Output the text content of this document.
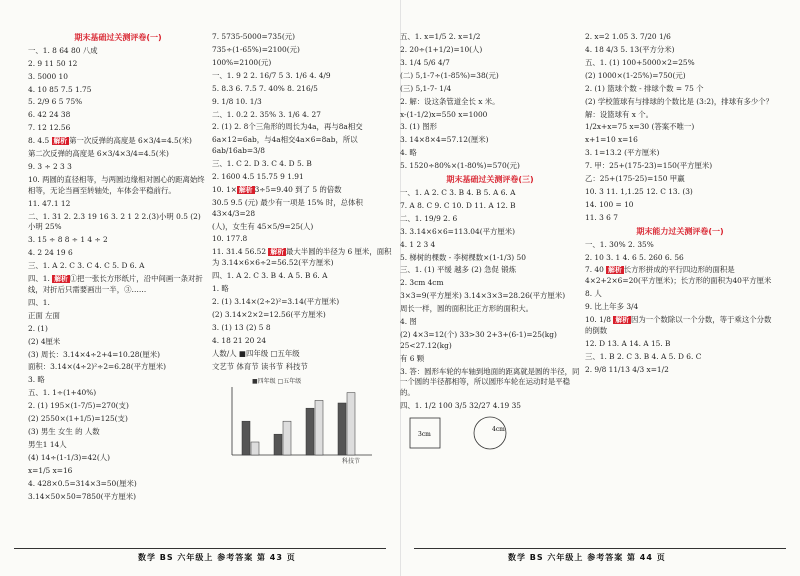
期末基础过关测评卷(一)

一、1. 8 64 80 八成

2. 9 11 50 12

3. 5000 10

4. 10 85 7.5 1.75

5. 2/9 6 5 75%

6. 42 24 38

7. 12 12.56

8. 4.5 解析 第一次反弹的高度是 6×3/4=4.5(米)

第二次反弹的高度是 6×3/4×3/4=4.5(米)

9. 3 ÷ 2 3 3

10. 两圆的直径相等，与两圆边缘相对圆心的距离始终相等，无论当画至转轴处，车体会平稳前行。

11. 47.1 12

二、1. 31 2. 2.3 19 16 3. 2 1 2 2.(3)小明 0.5 (2)小明 25%

3. 15 ÷ 8 8 ÷ 1 4 ÷ 2

4. 2 24 19 6

三、1. A 2. C 3. C 4. C 5. D 6. A

四、1. 解析 ①把一张长方形纸片，沿中间画一条对折线，对折后只需要画出一半，③……

四、1.

正面 左面

2. (1)

(2) 4厘米

(3) 周长：3.14×4÷2+4=10.28(厘米)

面积：3.14×(4÷2)²÷2=6.28(平方厘米)

3. 略

五、1. 1÷(1+40%)

2. (1) 195×(1-7/5)=270(支)

(2) 2550×(1+1/5)=125(支)

(3) 男生 女生 的 人数

男生1 14人

(4) 14÷(1-1/3)=42(人)

x=1/5 x=16

4. 428×0.5=314×3=50(厘米)

3.14×50×50=7850(平方厘米)

7. 5735-5000=735(元)

735÷(1-65%)=2100(元)

100%=2100(元)

一、1. 9 2 2. 16/7 5 3. 1/6 4. 4/9

5. 8.3 6. 7.5 7. 40% 8. 216/5

9. 1/8 10. 1/3

二、1. 0.2 2. 35% 3. 1/6 4. 27

2. (1) 2. 8个三角形的周长为4a，再与8a相交

6a×12=6ab，与4a相交4a×6=8ab，所以6ab/16ab=3/8

三、1. C 2. D 3. C 4. D 5. B

2. 1600 4.5 15.75 9 1.91

10. 1× 解析 3÷5=9.40 到了 5 的倍数

30.5 9.5 (元) 最少有一项是 15% 时，总体积 43×4/3=28

(人)，女生有 45×5/9=25(人)

10. 177.8

11. 31.4 56.52 解析 最大半圆的半径为 6 厘米，面积为 3.14×6×6÷2=56.52(平方厘米)

四、1. A 2. C 3. B 4. A 5. B 6. A

1. 略

2. (1) 3.14×(2÷2)²=3.14(平方厘米)

(2) 3.14×2×2=12.56(平方厘米)

3. (1) 13 (2) 5 8

4. 18 21 20 24

人数/人 ■四年级 □五年级

文艺节 体育节 读书节 科技节

■四年级 □五年级
科技节
数学 BS 六年级上 参考答案 第 43 页

五、1. x=1/5 2. x=1/2

2. 20÷(1+1/2)=10(人)

3. 1/4 5/6 4/7

(二) 5,1-7÷(1-85%)=38(元)

(三) 5,1-7- 1/4

2. 解：设这条管道全长 x 米。

x-(1-1/2)x=550 x=1000

3. (1) 图形

3. 14×8×4=57.12(厘米)

4. 略

5. 1520÷80%×(1-80%)=570(元)

期末基础过关测评卷(三)

一、1. A 2. C 3. B 4. B 5. A 6. A

7. A 8. C 9. C 10. D 11. A 12. B

二、1. 19/9 2. 6

3. 3.14×6×6=113.04(平方厘米)

4. 1 2 3 4

5. 梯树的棵数 - 李树棵数×(1-1/3) 50

三、1. (1) 平缓 越多 (2) 急促 锻炼

2. 3cm 4cm

3×3=9(平方厘米) 3.14×3×3=28.26(平方厘米)

周长一样，圆的面积比正方形的面积大。

4. 图

(2) 4×3=12(个) 33>30 2+3+(6-1)=25(kg) 25<27.12(kg)

有 6 颗

3. 答：圆形车轮的车轴到地面的距离就是圆的半径，同一个圆的半径都相等，所以圆形车轮在运动时是平稳的。

四、1. 1/2 100 3/5 32/27 4.19 35

3cm
4cm

2. x=2 1.05 3. 7/20 1/6

4. 18 4/3 5. 13(平方分米)

五、1. (1) 100+5000×2=25%

(2) 1000×(1-25%)=750(元)

2. (1) 篮球个数 - 排球个数 = 75 个

(2) 学校篮球有与排球的个数比是 (3:2)，排球有多少个？

解：设篮球有 x 个。

1/2x+x=75 x=30 (答案不唯一)

x+1=10 x=16

3. 1=13.2 (平方厘米)

7. 甲：25+(175-23)=150(平方厘米)

乙：25+(175-25)=150 甲赢

10. 3 11. 1,1.25 12. C 13. (3)

14. 100 = 10

11. 3 6 7

期末能力过关测评卷(一)

一、1. 30% 2. 35%

2. 10 3. 1 4. 6 5. 260 6. 56

7. 40 解析 长方形拼成的平行四边形的面积是4×2+2×6=20(平方厘米)；长方形的面积为40平方厘米

8. 人

9. 比上年多 3/4

10. 1/8 解析 因为一个数除以一个分数，等于乘这个分数的倒数

12. D 13. A 14. A 15. B

三、1. B 2. C 3. B 4. A 5. D 6. C

2. 9/8 11/13 4/3 x=1/2

数学 BS 六年级上 参考答案 第 44 页
